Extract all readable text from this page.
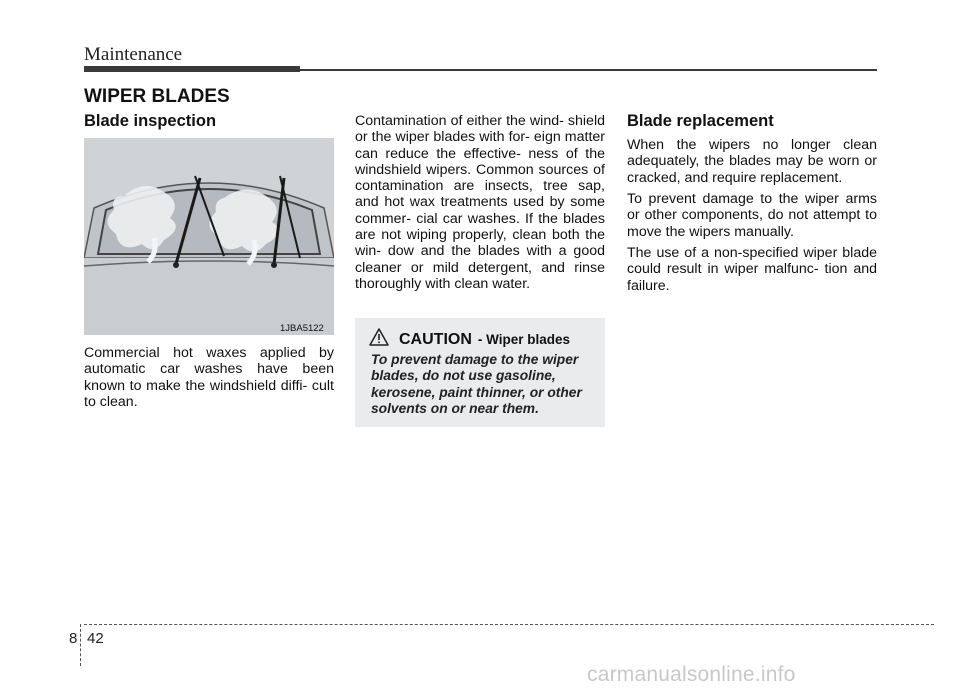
Maintenance
WIPER BLADES
Blade inspection
1JBA5122

Commercial hot waxes applied by automatic car washes have been known to make the windshield diffi- cult to clean.

Contamination of either the wind- shield or the wiper blades with for- eign matter can reduce the effective- ness of the windshield wipers. Common sources of contamination are insects, tree sap, and hot wax treatments used by some commer- cial car washes. If the blades are not wiping properly, clean both the win- dow and the blades with a good cleaner or mild detergent, and rinse thoroughly with clean water.

CAUTION - Wiper blades

To prevent damage to the wiper blades, do not use gasoline, kerosene, paint thinner, or other solvents on or near them.

Blade replacement

When the wipers no longer clean adequately, the blades may be worn or cracked, and require replacement.

To prevent damage to the wiper arms or other components, do not attempt to move the wipers manually.

The use of a non-specified wiper blade could result in wiper malfunc- tion and failure.

8 42
carmanualsonline.info
